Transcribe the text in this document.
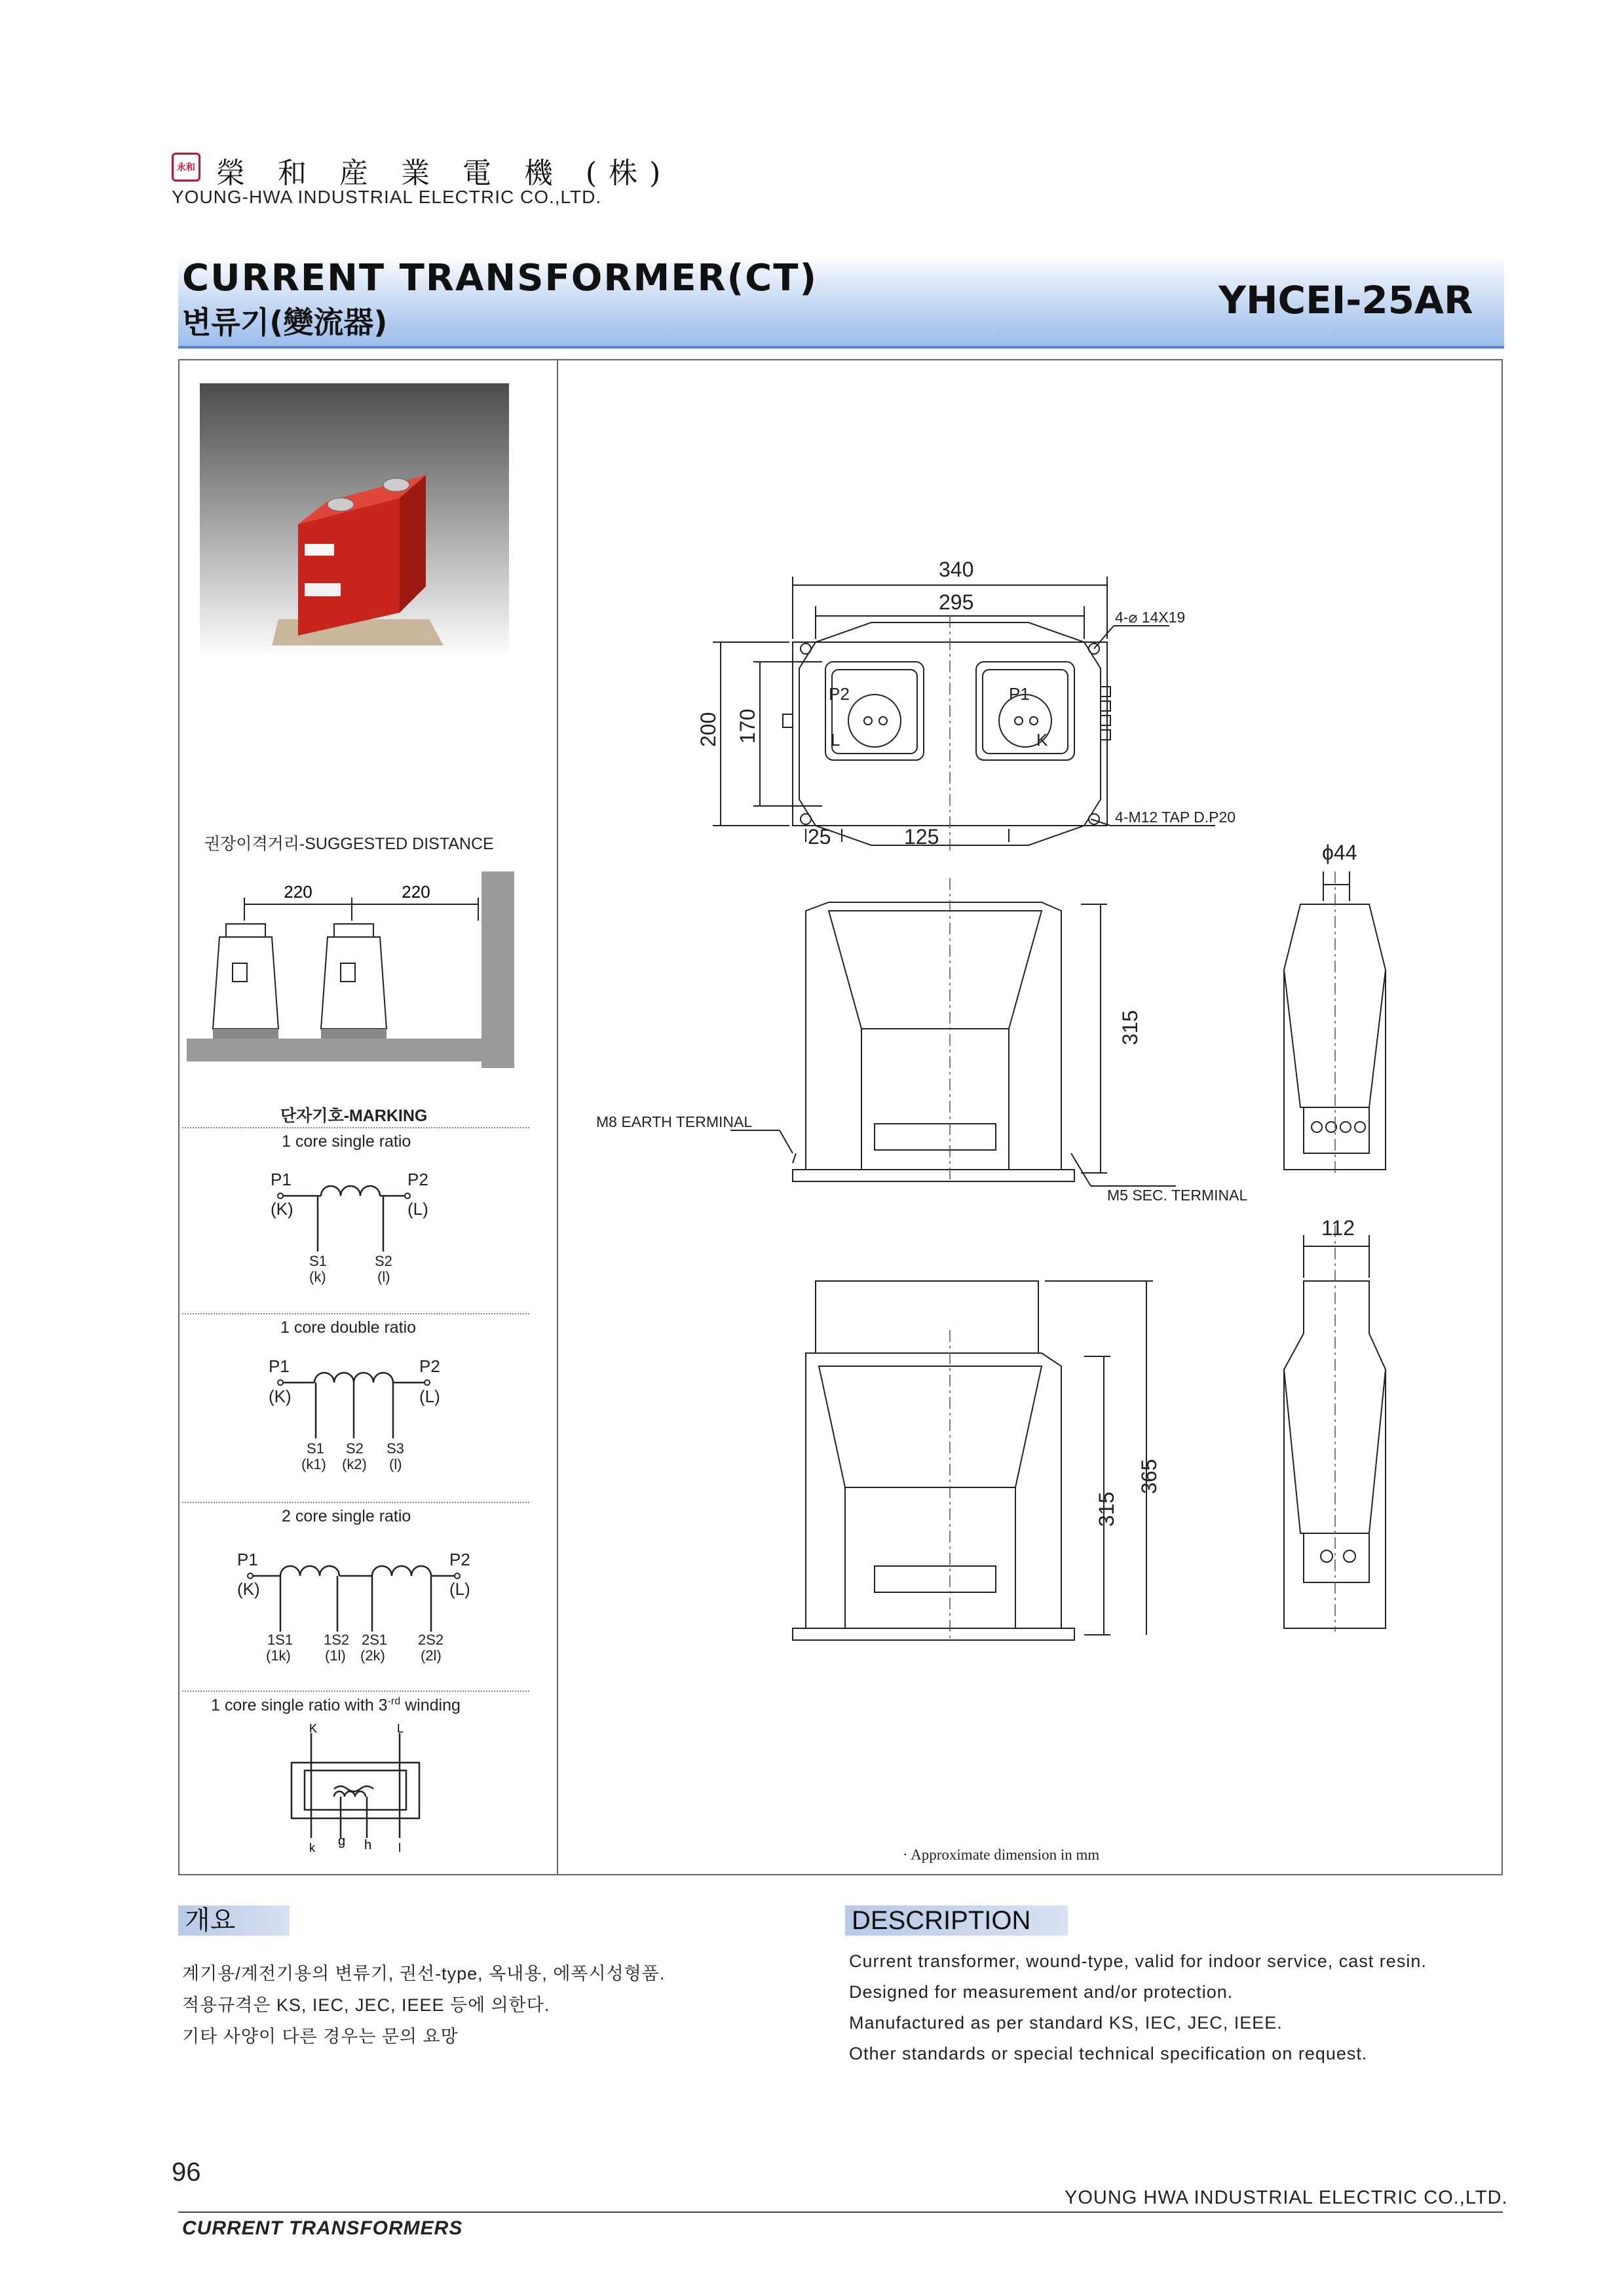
永和 榮 和 産 業 電 機 (株)
YOUNG-HWA INDUSTRIAL ELECTRIC CO.,LTD.
CURRENT TRANSFORMER(CT)
변류기(變流器)	YHCEI-25AR
권장이격거리-SUGGESTED DISTANCE
220	220
단자기호-MARKING
1 core single ratio
P1
(K)
P2
(L)
S1	S2
(k)	(l)
1 core double ratio
P1
(K)
P2
(L)
S1 S2 S3
(k1) (k2) (l)
2 core single ratio
P1
(K)
P2
(L)
1S1 1S2 2S1 2S2
(1k) (1l) (2k) (2l)
1 core single ratio with $3^{-rd}$ winding
K	L
k g h l
340
295
200 170
25	125
315
315
365
ϕ44
112
4-⌀ 14X19
4-M12 TAP D.P20
M8 EARTH TERMINAL
M5 SEC. TERMINAL
P2	P1
L	K
· Approximate dimension in mm
개요
계기용/계전기용의 변류기, 권선-type, 옥내용, 에폭시성형품.
적용규격은 KS, IEC, JEC, IEEE 등에 의한다.
기타 사양이 다른 경우는 문의 요망
DESCRIPTION
Current transformer, wound-type, valid for indoor service, cast resin.
Designed for measurement and/or protection.
Manufactured as per standard KS, IEC, JEC, IEEE.
Other standards or special technical specification on request.
96
YOUNG HWA INDUSTRIAL ELECTRIC CO.,LTD.
CURRENT TRANSFORMERS
